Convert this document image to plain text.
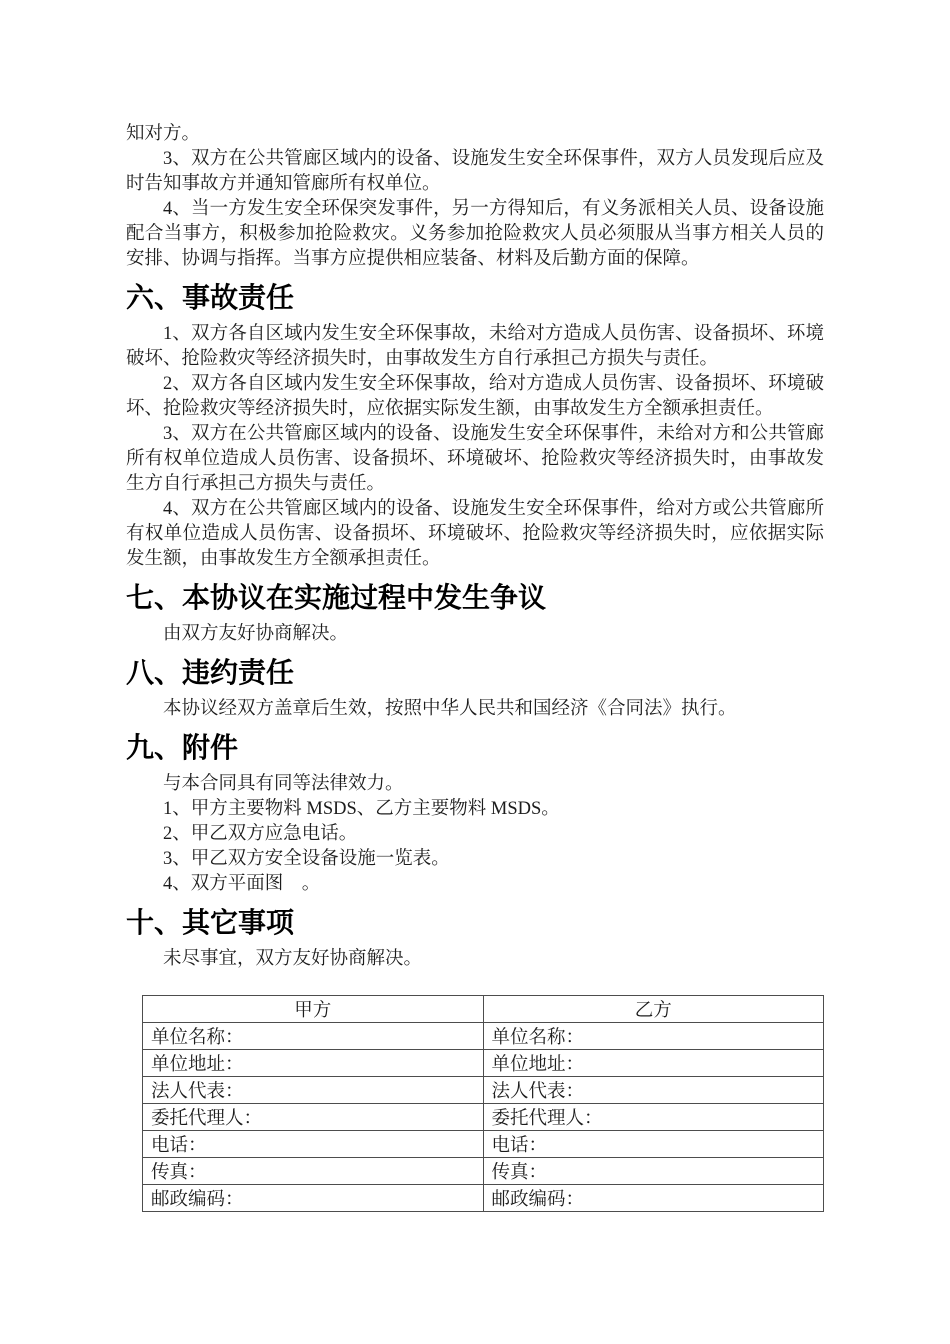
知对方。

3、双方在公共管廊区域内的设备、设施发生安全环保事件，双方人员发现后应及时告知事故方并通知管廊所有权单位。

4、当一方发生安全环保突发事件，另一方得知后，有义务派相关人员、设备设施配合当事方，积极参加抢险救灾。义务参加抢险救灾人员必须服从当事方相关人员的安排、协调与指挥。当事方应提供相应装备、材料及后勤方面的保障。

六、事故责任

1、双方各自区域内发生安全环保事故，未给对方造成人员伤害、设备损坏、环境破坏、抢险救灾等经济损失时，由事故发生方自行承担己方损失与责任。

2、双方各自区域内发生安全环保事故，给对方造成人员伤害、设备损坏、环境破坏、抢险救灾等经济损失时，应依据实际发生额，由事故发生方全额承担责任。

3、双方在公共管廊区域内的设备、设施发生安全环保事件，未给对方和公共管廊所有权单位造成人员伤害、设备损坏、环境破坏、抢险救灾等经济损失时，由事故发生方自行承担己方损失与责任。

4、双方在公共管廊区域内的设备、设施发生安全环保事件，给对方或公共管廊所有权单位造成人员伤害、设备损坏、环境破坏、抢险救灾等经济损失时，应依据实际发生额，由事故发生方全额承担责任。

七、本协议在实施过程中发生争议

由双方友好协商解决。

八、违约责任

本协议经双方盖章后生效，按照中华人民共和国经济《合同法》执行。

九、附件

与本合同具有同等法律效力。

1、甲方主要物料 MSDS、乙方主要物料 MSDS。

2、甲乙双方应急电话。

3、甲乙双方安全设备设施一览表。

4、双方平面图　。

十、其它事项

未尽事宜，双方友好协商解决。

甲方	乙方
单位名称：	单位名称：
单位地址：	单位地址：
法人代表：	法人代表：
委托代理人：	委托代理人：
电话：	电话：
传真：	传真：
邮政编码：	邮政编码：
